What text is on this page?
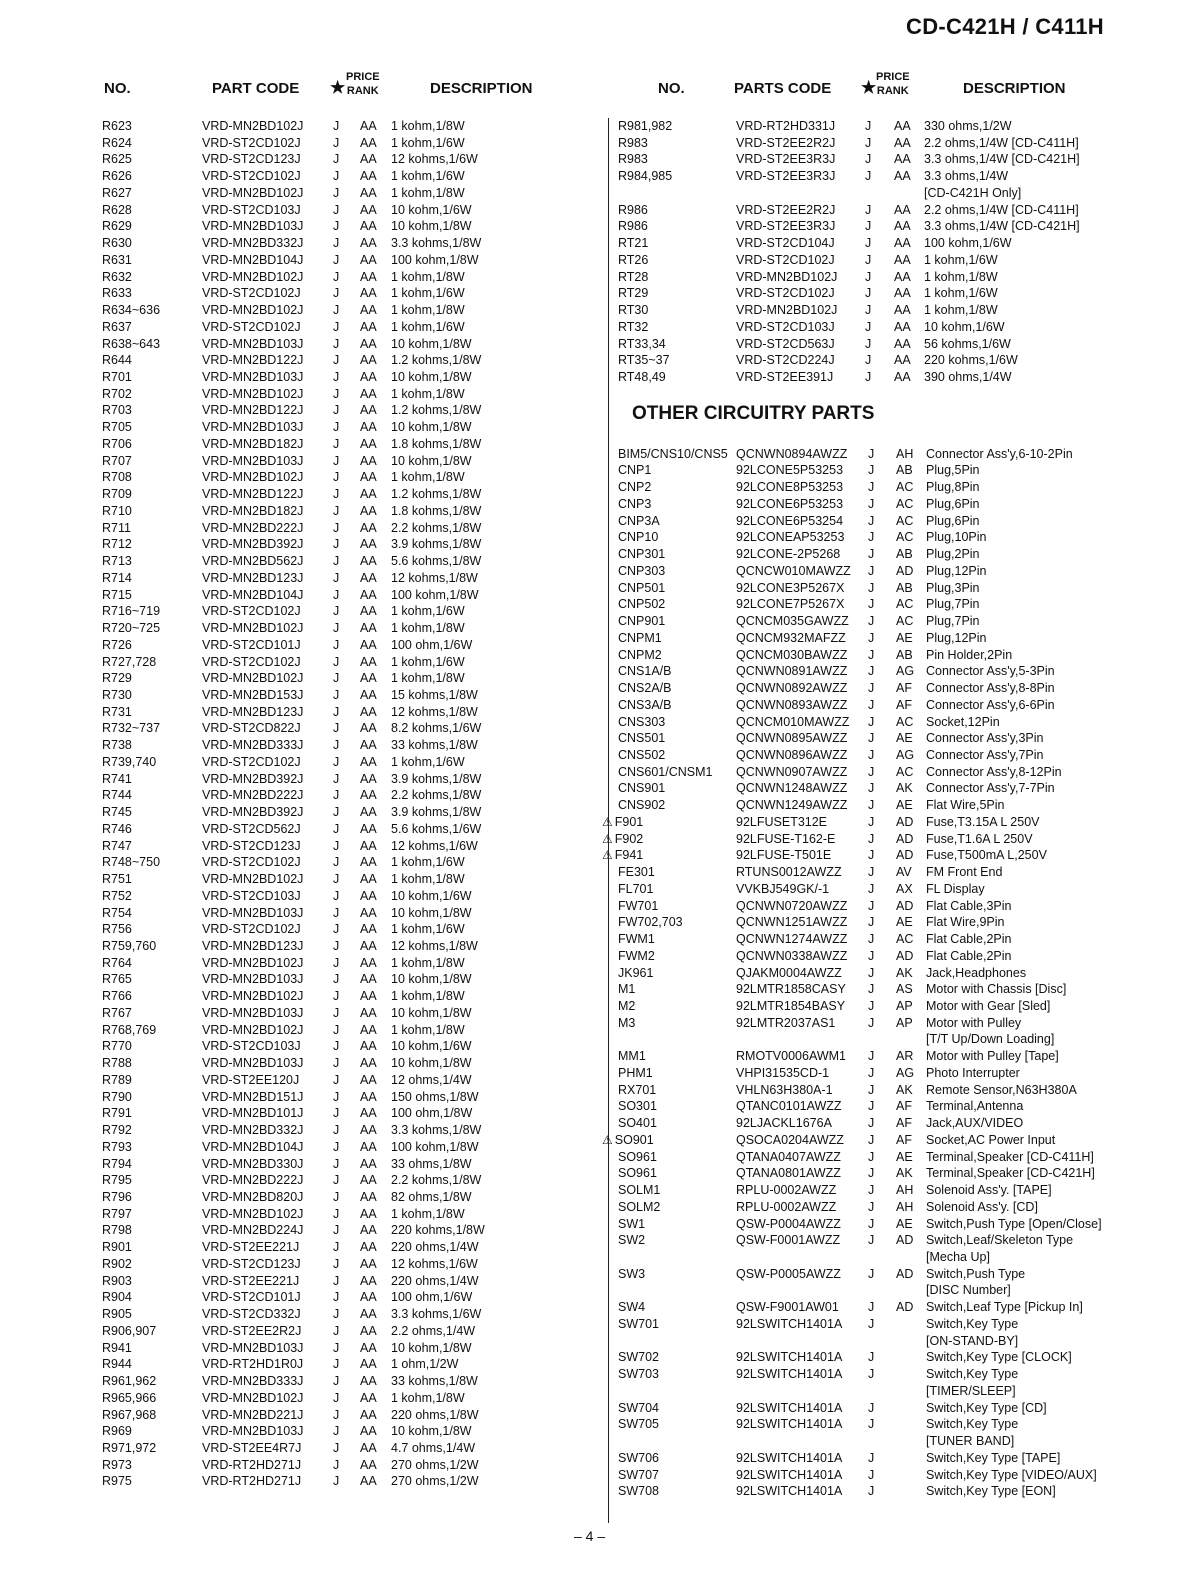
CD-C421H / C411H
NO.	PART CODE ★
PRICE
RANK	DESCRIPTION
R623	VRD-MN2BD102J J AA 1 kohm,1/8W
R624	VRD-ST2CD102J	J AA 1 kohm,1/6W
R625	VRD-ST2CD123J	J AA 12 kohms,1/6W
R626	VRD-ST2CD102J	J AA 1 kohm,1/6W
R627	VRD-MN2BD102J J AA 1 kohm,1/8W
R628	VRD-ST2CD103J	J AA 10 kohm,1/6W
R629	VRD-MN2BD103J J AA 10 kohm,1/8W
R630	VRD-MN2BD332J J AA 3.3 kohms,1/8W
R631	VRD-MN2BD104J J AA 100 kohm,1/8W
R632	VRD-MN2BD102J J AA 1 kohm,1/8W
R633	VRD-ST2CD102J	J AA 1 kohm,1/6W
R634~636	VRD-MN2BD102J J AA 1 kohm,1/8W
R637	VRD-ST2CD102J	J AA 1 kohm,1/6W
R638~643	VRD-MN2BD103J J AA 10 kohm,1/8W
R644	VRD-MN2BD122J J AA 1.2 kohms,1/8W
R701	VRD-MN2BD103J J AA 10 kohm,1/8W
R702	VRD-MN2BD102J J AA 1 kohm,1/8W
R703	VRD-MN2BD122J J AA 1.2 kohms,1/8W
R705	VRD-MN2BD103J J AA 10 kohm,1/8W
R706	VRD-MN2BD182J J AA 1.8 kohms,1/8W
R707	VRD-MN2BD103J J AA 10 kohm,1/8W
R708	VRD-MN2BD102J J AA 1 kohm,1/8W
R709	VRD-MN2BD122J J AA 1.2 kohms,1/8W
R710	VRD-MN2BD182J J AA 1.8 kohms,1/8W
R711	VRD-MN2BD222J J AA 2.2 kohms,1/8W
R712	VRD-MN2BD392J J AA 3.9 kohms,1/8W
R713	VRD-MN2BD562J J AA 5.6 kohms,1/8W
R714	VRD-MN2BD123J J AA 12 kohms,1/8W
R715	VRD-MN2BD104J J AA 100 kohm,1/8W
R716~719	VRD-ST2CD102J	J AA 1 kohm,1/6W
R720~725	VRD-MN2BD102J J AA 1 kohm,1/8W
R726	VRD-ST2CD101J	J AA 100 ohm,1/6W
R727,728	VRD-ST2CD102J	J AA 1 kohm,1/6W
R729	VRD-MN2BD102J J AA 1 kohm,1/8W
R730	VRD-MN2BD153J J AA 15 kohms,1/8W
R731	VRD-MN2BD123J J AA 12 kohms,1/8W
R732~737	VRD-ST2CD822J	J AA 8.2 kohms,1/6W
R738	VRD-MN2BD333J J AA 33 kohms,1/8W
R739,740	VRD-ST2CD102J	J AA 1 kohm,1/6W
R741	VRD-MN2BD392J J AA 3.9 kohms,1/8W
R744	VRD-MN2BD222J J AA 2.2 kohms,1/8W
R745	VRD-MN2BD392J J AA 3.9 kohms,1/8W
R746	VRD-ST2CD562J	J AA 5.6 kohms,1/6W
R747	VRD-ST2CD123J	J AA 12 kohms,1/6W
R748~750	VRD-ST2CD102J	J AA 1 kohm,1/6W
R751	VRD-MN2BD102J J AA 1 kohm,1/8W
R752	VRD-ST2CD103J	J AA 10 kohm,1/6W
R754	VRD-MN2BD103J J AA 10 kohm,1/8W
R756	VRD-ST2CD102J	J AA 1 kohm,1/6W
R759,760	VRD-MN2BD123J J AA 12 kohms,1/8W
R764	VRD-MN2BD102J J AA 1 kohm,1/8W
R765	VRD-MN2BD103J J AA 10 kohm,1/8W
R766	VRD-MN2BD102J J AA 1 kohm,1/8W
R767	VRD-MN2BD103J J AA 10 kohm,1/8W
R768,769	VRD-MN2BD102J J AA 1 kohm,1/8W
R770	VRD-ST2CD103J	J AA 10 kohm,1/6W
R788	VRD-MN2BD103J J AA 10 kohm,1/8W
R789	VRD-ST2EE120J	J AA 12 ohms,1/4W
R790	VRD-MN2BD151J J AA 150 ohms,1/8W
R791	VRD-MN2BD101J J AA 100 ohm,1/8W
R792	VRD-MN2BD332J J AA 3.3 kohms,1/8W
R793	VRD-MN2BD104J J AA 100 kohm,1/8W
R794	VRD-MN2BD330J J AA 33 ohms,1/8W
R795	VRD-MN2BD222J J AA 2.2 kohms,1/8W
R796	VRD-MN2BD820J J AA 82 ohms,1/8W
R797	VRD-MN2BD102J J AA 1 kohm,1/8W
R798	VRD-MN2BD224J J AA 220 kohms,1/8W
R901	VRD-ST2EE221J	J AA 220 ohms,1/4W
R902	VRD-ST2CD123J	J AA 12 kohms,1/6W
R903	VRD-ST2EE221J	J AA 220 ohms,1/4W
R904	VRD-ST2CD101J	J AA 100 ohm,1/6W
R905	VRD-ST2CD332J	J AA 3.3 kohms,1/6W
R906,907	VRD-ST2EE2R2J	J AA 2.2 ohms,1/4W
R941	VRD-MN2BD103J J AA 10 kohm,1/8W
R944	VRD-RT2HD1R0J J AA 1 ohm,1/2W
R961,962	VRD-MN2BD333J J AA 33 kohms,1/8W
R965,966	VRD-MN2BD102J J AA 1 kohm,1/8W
R967,968	VRD-MN2BD221J J AA 220 ohms,1/8W
R969	VRD-MN2BD103J J AA 10 kohm,1/8W
R971,972	VRD-ST2EE4R7J	J AA 4.7 ohms,1/4W
R973	VRD-RT2HD271J	J AA 270 ohms,1/2W
R975	VRD-RT2HD271J	J AA 270 ohms,1/2W
NO.	PARTS CODE ★
PRICE
RANK	DESCRIPTION
R981,982	VRD-RT2HD331J J AA 330 ohms,1/2W
R983	VRD-ST2EE2R2J J AA 2.2 ohms,1/4W [CD-C411H]
R983	VRD-ST2EE3R3J J AA 3.3 ohms,1/4W [CD-C421H]
R984,985	VRD-ST2EE3R3J J AA 3.3 ohms,1/4W
[CD-C421H Only]
R986	VRD-ST2EE2R2J J AA 2.2 ohms,1/4W [CD-C411H]
R986	VRD-ST2EE3R3J J AA 3.3 ohms,1/4W [CD-C421H]
RT21	VRD-ST2CD104J J AA 100 kohm,1/6W
RT26	VRD-ST2CD102J J AA 1 kohm,1/6W
RT28	VRD-MN2BD102J J AA 1 kohm,1/8W
RT29	VRD-ST2CD102J J AA 1 kohm,1/6W
RT30	VRD-MN2BD102J J AA 1 kohm,1/8W
RT32	VRD-ST2CD103J J AA 10 kohm,1/6W
RT33,34	VRD-ST2CD563J J AA 56 kohms,1/6W
RT35~37	VRD-ST2CD224J J AA 220 kohms,1/6W
RT48,49	VRD-ST2EE391J	J AA 390 ohms,1/4W
OTHER CIRCUITRY PARTS
BIM5/CNS10/CNS5 QCNWN0894AWZZ J AH Connector Ass'y,6-10-2Pin
CNP1	92LCONE5P53253 J AB Plug,5Pin
CNP2	92LCONE8P53253 J AC Plug,8Pin
CNP3	92LCONE6P53253 J AC Plug,6Pin
CNP3A	92LCONE6P53254 J AC Plug,6Pin
CNP10	92LCONEAP53253 J AC Plug,10Pin
CNP301	92LCONE-2P5268 J AB Plug,2Pin
CNP303	QCNCW010MAWZZ J AD Plug,12Pin
CNP501	92LCONE3P5267X J AB Plug,3Pin
CNP502	92LCONE7P5267X J AC Plug,7Pin
CNP901	QCNCM035GAWZZ J AC Plug,7Pin
CNPM1	QCNCM932MAFZZ J AE Plug,12Pin
CNPM2	QCNCM030BAWZZ J AB Pin Holder,2Pin
CNS1A/B	QCNWN0891AWZZ J AG Connector Ass'y,5-3Pin
CNS2A/B	QCNWN0892AWZZ J AF Connector Ass'y,8-8Pin
CNS3A/B	QCNWN0893AWZZ J AF Connector Ass'y,6-6Pin
CNS303	QCNCM010MAWZZ J AC Socket,12Pin
CNS501	QCNWN0895AWZZ J AE Connector Ass'y,3Pin
CNS502	QCNWN0896AWZZ J AG Connector Ass'y,7Pin
CNS601/CNSM1 QCNWN0907AWZZ J AC Connector Ass'y,8-12Pin
CNS901	QCNWN1248AWZZ J AK Connector Ass'y,7-7Pin
CNS902	QCNWN1249AWZZ J AE Flat Wire,5Pin
⚠ F901	92LFUSET312E	J AD Fuse,T3.15A L 250V
⚠ F902	92LFUSE-T162-E	J AD Fuse,T1.6A L 250V
⚠ F941	92LFUSE-T501E	J AD Fuse,T500mA L,250V
FE301	RTUNS0012AWZZ J AV FM Front End
FL701	VVKBJ549GK/-1	J AX FL Display
FW701	QCNWN0720AWZZ J AD Flat Cable,3Pin
FW702,703	QCNWN1251AWZZ J AE Flat Wire,9Pin
FWM1	QCNWN1274AWZZ J AC Flat Cable,2Pin
FWM2	QCNWN0338AWZZ J AD Flat Cable,2Pin
JK961	QJAKM0004AWZZ J AK Jack,Headphones
M1	92LMTR1858CASY J AS Motor with Chassis [Disc]
M2	92LMTR1854BASY J AP Motor with Gear [Sled]
M3	92LMTR2037AS1	J AP Motor with Pulley
[T/T Up/Down Loading]
MM1	RMOTV0006AWM1 J AR Motor with Pulley [Tape]
PHM1	VHPI31535CD-1	J AG Photo Interrupter
RX701	VHLN63H380A-1	J AK Remote Sensor,N63H380A
SO301	QTANC0101AWZZ J AF Terminal,Antenna
SO401	92LJACKL1676A	J AF Jack,AUX/VIDEO
⚠ SO901	QSOCA0204AWZZ J AF Socket,AC Power Input
SO961	QTANA0407AWZZ J AE Terminal,Speaker [CD-C411H]
SO961	QTANA0801AWZZ J AK Terminal,Speaker [CD-C421H]
SOLM1	RPLU-0002AWZZ	J AH Solenoid Ass'y. [TAPE]
SOLM2	RPLU-0002AWZZ	J AH Solenoid Ass'y. [CD]
SW1	QSW-P0004AWZZ J AE Switch,Push Type [Open/Close]
SW2	QSW-F0001AWZZ J AD Switch,Leaf/Skeleton Type
[Mecha Up]
SW3	QSW-P0005AWZZ J AD Switch,Push Type
[DISC Number]
SW4	QSW-F9001AW01 J AD Switch,Leaf Type [Pickup In]
SW701	92LSWITCH1401A J	Switch,Key Type
[ON-STAND-BY]
SW702	92LSWITCH1401A J	Switch,Key Type [CLOCK]
SW703	92LSWITCH1401A J	Switch,Key Type
[TIMER/SLEEP]
SW704	92LSWITCH1401A J	Switch,Key Type [CD]
SW705	92LSWITCH1401A J	Switch,Key Type
[TUNER BAND]
SW706	92LSWITCH1401A J	Switch,Key Type [TAPE]
SW707	92LSWITCH1401A J	Switch,Key Type [VIDEO/AUX]
SW708	92LSWITCH1401A J	Switch,Key Type [EON]
– 4 –
